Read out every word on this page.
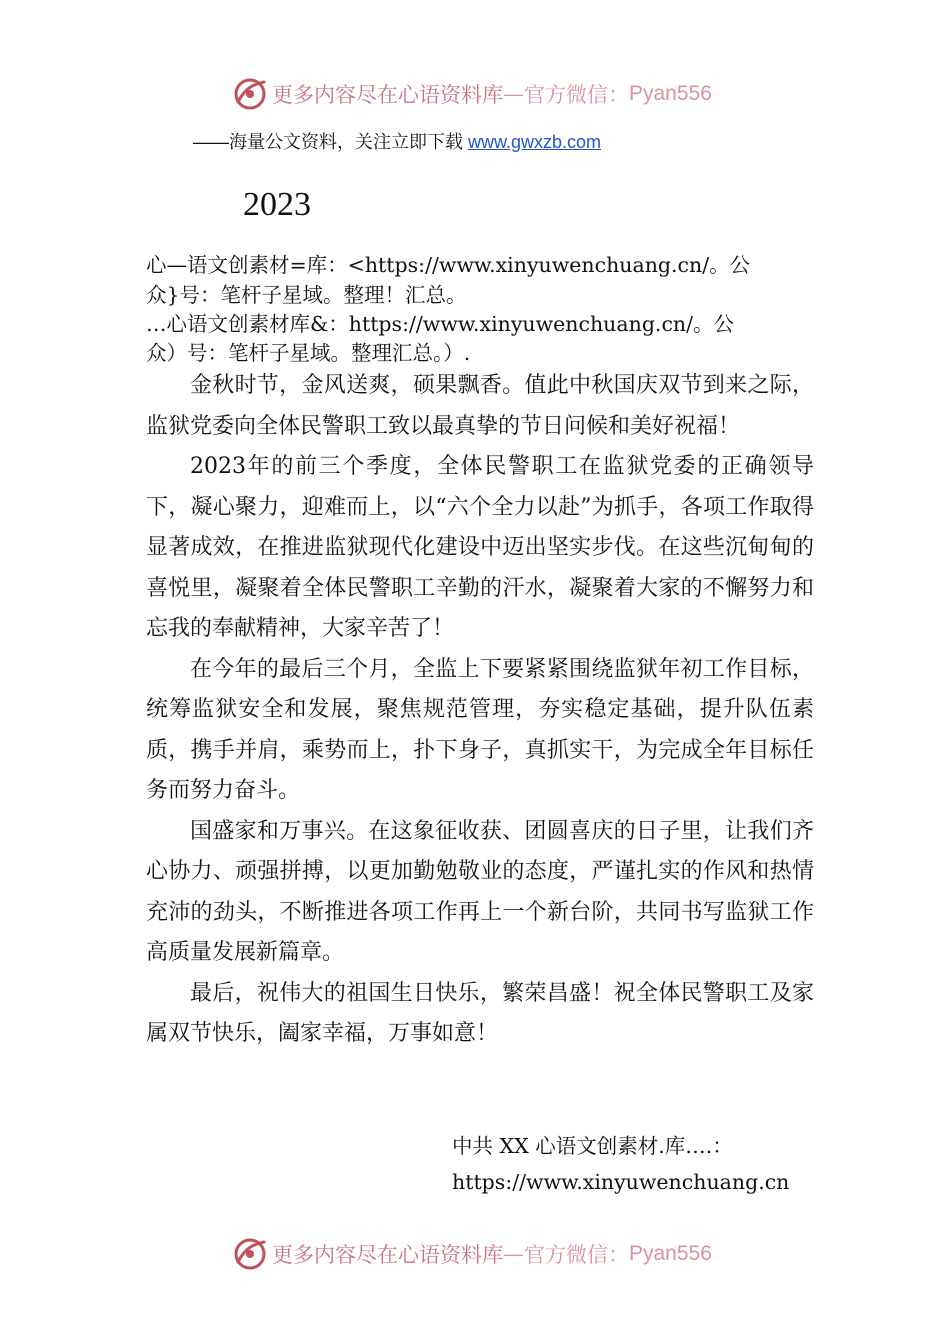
更多内容尽在心语资料库 — 官方微信： Pyan556
——海量公文资料，关注立即下载 www.gwxzb.com
2023
心—语文创素材=库：<https://www.xinyuwenchuang.cn/。公
众}号：笔杆子星域。整理！汇总。
…心语文创素材库&：https://www.xinyuwenchuang.cn/。公
众）号：笔杆子星域。整理汇总。）.

金秋时节，金风送爽，硕果飘香。值此中秋国庆双节到来之际，监狱党委向全体民警职工致以最真挚的节日问候和美好祝福！

2023年的前三个季度，全体民警职工在监狱党委的正确领导下，凝心聚力，迎难而上，以“六个全力以赴”为抓手，各项工作取得显著成效，在推进监狱现代化建设中迈出坚实步伐。在这些沉甸甸的喜悦里，凝聚着全体民警职工辛勤的汗水，凝聚着大家的不懈努力和忘我的奉献精神，大家辛苦了！

在今年的最后三个月，全监上下要紧紧围绕监狱年初工作目标，统筹监狱安全和发展，聚焦规范管理，夯实稳定基础，提升队伍素质，携手并肩，乘势而上，扑下身子，真抓实干，为完成全年目标任务而努力奋斗。

国盛家和万事兴。在这象征收获、团圆喜庆的日子里，让我们齐心协力、顽强拼搏，以更加勤勉敬业的态度，严谨扎实的作风和热情充沛的劲头，不断推进各项工作再上一个新台阶，共同书写监狱工作高质量发展新篇章。

最后，祝伟大的祖国生日快乐，繁荣昌盛！祝全体民警职工及家属双节快乐，阖家幸福，万事如意！

中共 XX 心语文创素材.库….：
https://www.xinyuwenchuang.cn
更多内容尽在心语资料库 — 官方微信： Pyan556
